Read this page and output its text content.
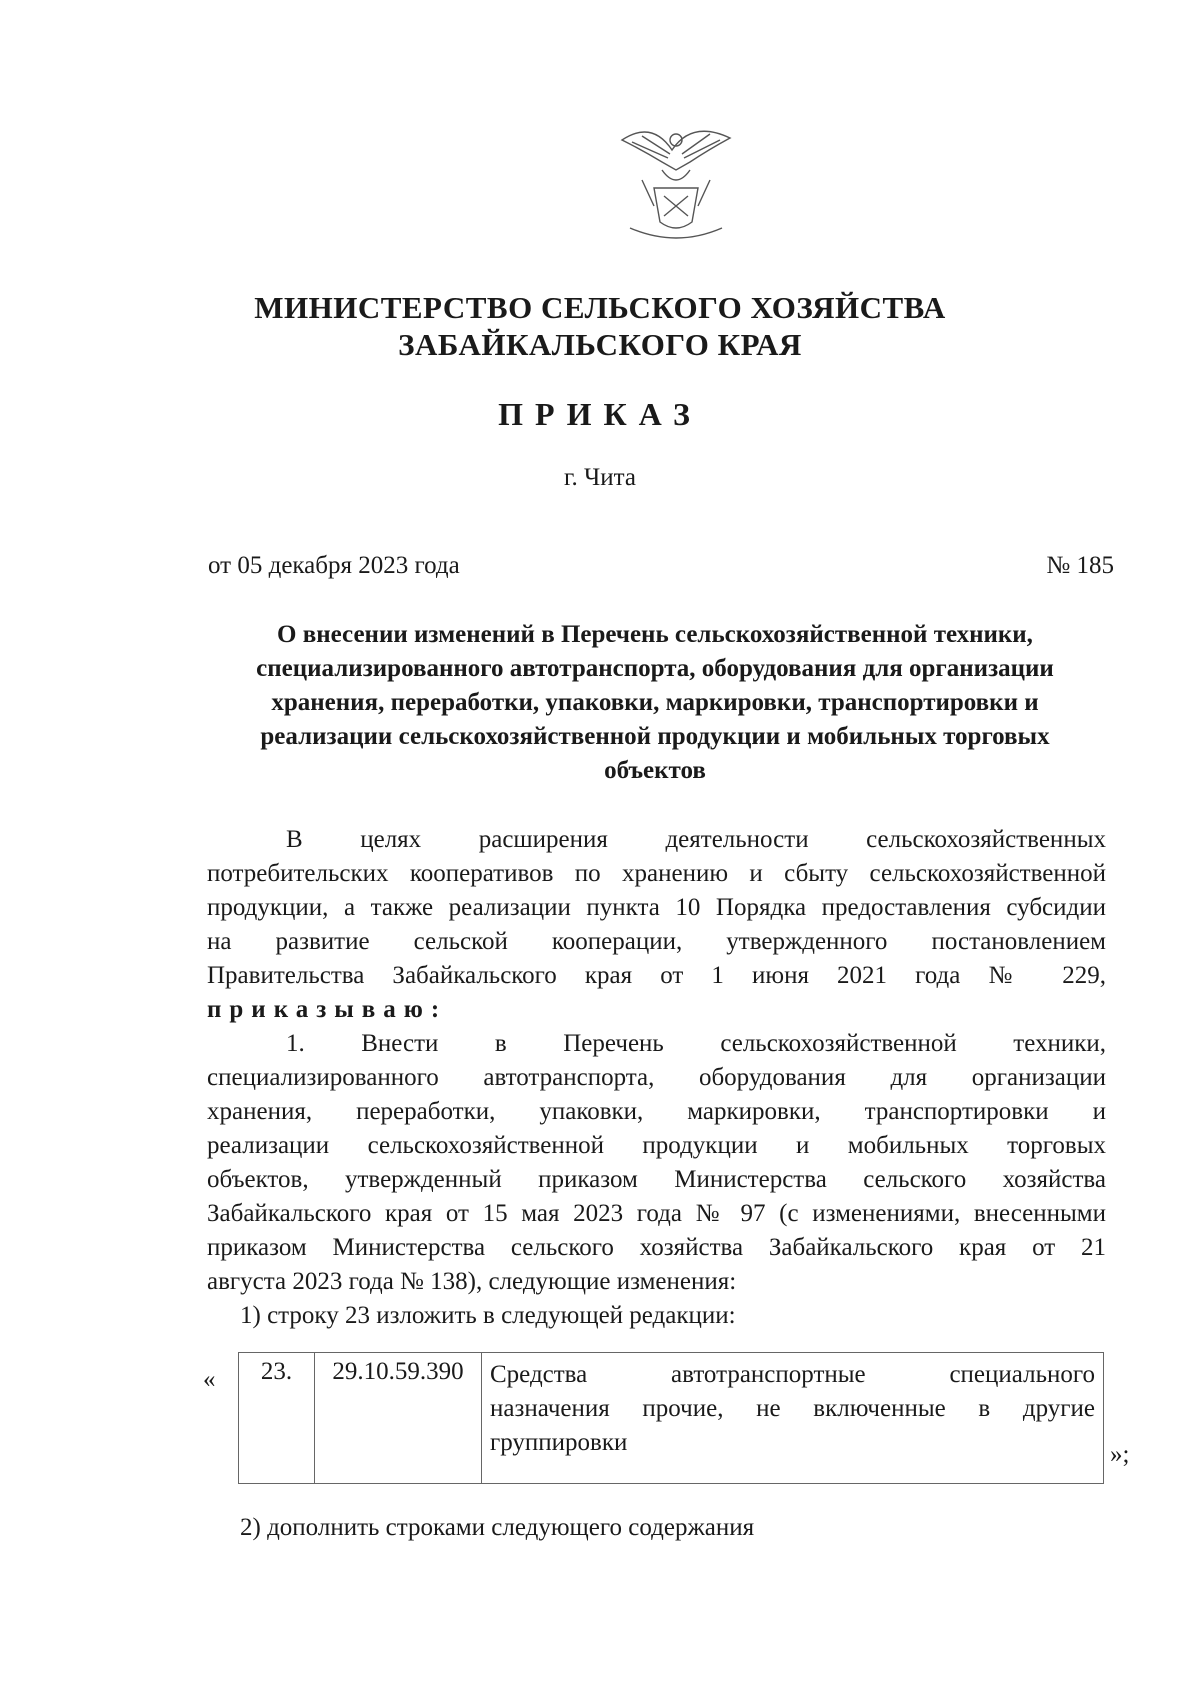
МИНИСТЕРСТВО СЕЛЬСКОГО ХОЗЯЙСТВА
ЗАБАЙКАЛЬСКОГО КРАЯ
ПРИКАЗ
г. Чита
от 05 декабря 2023 года	№ 185
О внесении изменений в Перечень сельскохозяйственной техники,
специализированного автотранспорта, оборудования для организации
хранения, переработки, упаковки, маркировки, транспортировки и
реализации сельскохозяйственной продукции и мобильных торговых
объектов
В целях расширения деятельности сельскохозяйственных
потребительских кооперативов по хранению и сбыту сельскохозяйственной
продукции, а также реализации пункта 10 Порядка предоставления субсидии
на развитие сельской кооперации, утвержденного постановлением
Правительства Забайкальского края от 1 июня 2021 года № 229,
приказываю:
1. Внести в Перечень сельскохозяйственной техники,
специализированного автотранспорта, оборудования для организации
хранения, переработки, упаковки, маркировки, транспортировки и
реализации сельскохозяйственной продукции и мобильных торговых
объектов, утвержденный приказом Министерства сельского хозяйства
Забайкальского края от 15 мая 2023 года № 97 (с изменениями, внесенными
приказом Министерства сельского хозяйства Забайкальского края от 21
августа 2023 года № 138), следующие изменения:
1) строку 23 изложить в следующей редакции:
« 23.	29.10.59.390	Средства автотранспортные специального
назначения прочие, не включенные в другие
группировки	»;
2) дополнить строками следующего содержания
